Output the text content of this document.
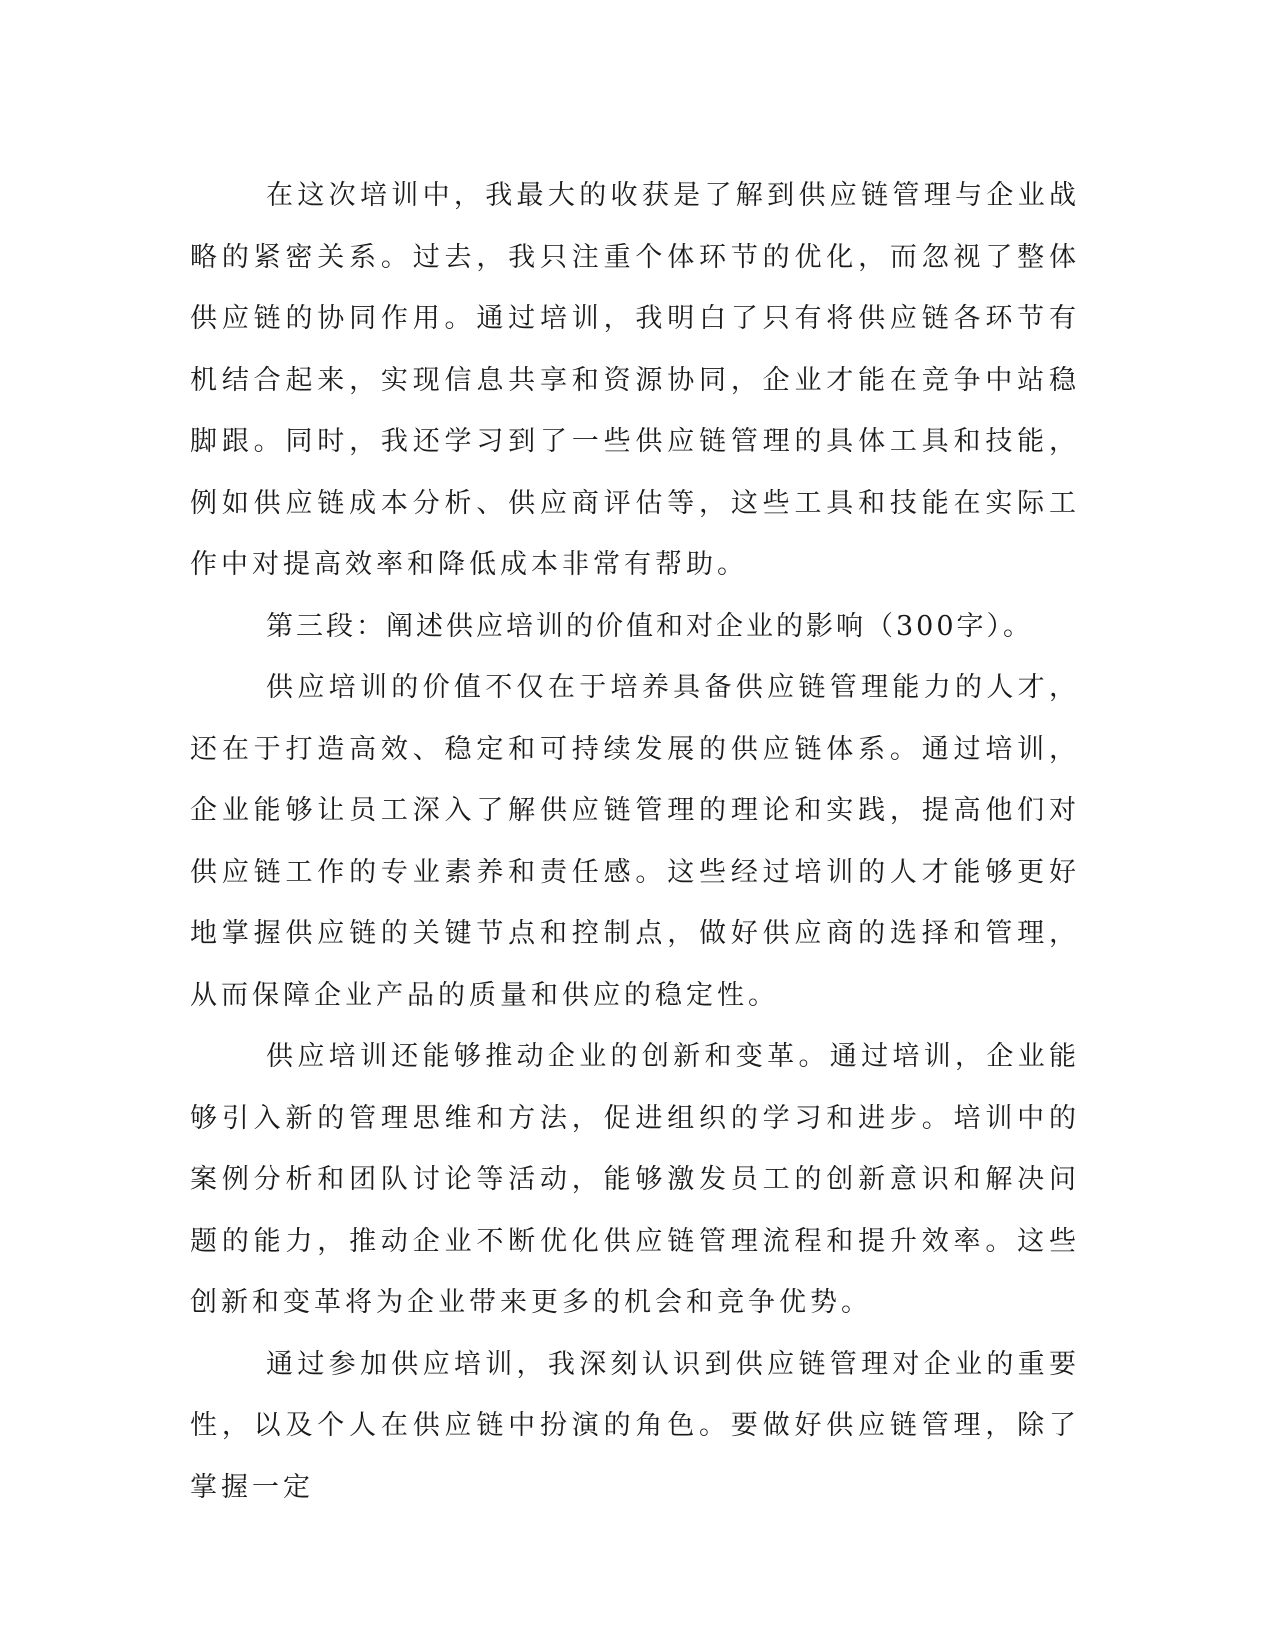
在这次培训中，我最大的收获是了解到供应链管理与企业战略的紧密关系。过去，我只注重个体环节的优化，而忽视了整体供应链的协同作用。通过培训，我明白了只有将供应链各环节有机结合起来，实现信息共享和资源协同，企业才能在竞争中站稳脚跟。同时，我还学习到了一些供应链管理的具体工具和技能，例如供应链成本分析、供应商评估等，这些工具和技能在实际工作中对提高效率和降低成本非常有帮助。

第三段：阐述供应培训的价值和对企业的影响（300字）。

供应培训的价值不仅在于培养具备供应链管理能力的人才，还在于打造高效、稳定和可持续发展的供应链体系。通过培训，企业能够让员工深入了解供应链管理的理论和实践，提高他们对供应链工作的专业素养和责任感。这些经过培训的人才能够更好地掌握供应链的关键节点和控制点，做好供应商的选择和管理，从而保障企业产品的质量和供应的稳定性。

供应培训还能够推动企业的创新和变革。通过培训，企业能够引入新的管理思维和方法，促进组织的学习和进步。培训中的案例分析和团队讨论等活动，能够激发员工的创新意识和解决问题的能力，推动企业不断优化供应链管理流程和提升效率。这些创新和变革将为企业带来更多的机会和竞争优势。

通过参加供应培训，我深刻认识到供应链管理对企业的重要性，以及个人在供应链中扮演的角色。要做好供应链管理，除了掌握一定
